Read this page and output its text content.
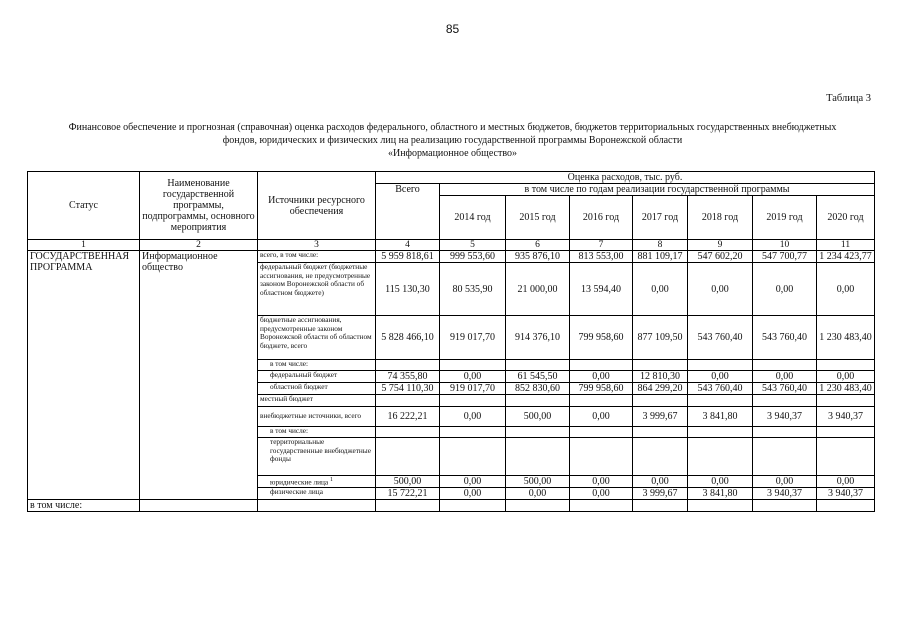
85
Таблица 3
Финансовое обеспечение и прогнозная (справочная) оценка расходов федерального, областного и местных бюджетов, бюджетов территориальных государственных внебюджетных
фондов, юридических и физических лиц на реализацию государственной программы Воронежской области
«Информационное общество»
Статус	Наименование государственной программы, подпрограммы, основного мероприятия	Источники ресурсного обеспечения	Оценка расходов, тыс. руб.							
			Всего	в том числе по годам реализации государственной программы						
				2014 год	2015 год	2016 год	2017 год	2018 год	2019 год	2020 год
1	2	3	4	5	6	7	8	9	10	11
ГОСУДАРСТВЕННАЯ ПРОГРАММА	Информационное общество	всего, в том числе:	5 959 818,61	999 553,60	935 876,10	813 553,00	881 109,17	547 602,20	547 700,77	1 234 423,77
		федеральный бюджет (бюджетные ассигнования, не предусмотренные законом Воронежской области об областном бюджете)	115 130,30	80 535,90	21 000,00	13 594,40	0,00	0,00	0,00	0,00
		бюджетные ассигнования, предусмотренные законом Воронежской области об областном бюджете, всего	5 828 466,10	919 017,70	914 376,10	799 958,60	877 109,50	543 760,40	543 760,40	1 230 483,40
		в том числе:								
		федеральный бюджет	74 355,80	0,00	61 545,50	0,00	12 810,30	0,00	0,00	0,00
		областной бюджет	5 754 110,30	919 017,70	852 830,60	799 958,60	864 299,20	543 760,40	543 760,40	1 230 483,40
		местный бюджет								
		внебюджетные источники, всего	16 222,21	0,00	500,00	0,00	3 999,67	3 841,80	3 940,37	3 940,37
		в том числе:								
		территориальные государственные внебюджетные фонды								
		юридические лица $^1$	500,00	0,00	500,00	0,00	0,00	0,00	0,00	0,00
		физические лица	15 722,21	0,00	0,00	0,00	3 999,67	3 841,80	3 940,37	3 940,37
в том числе:										
